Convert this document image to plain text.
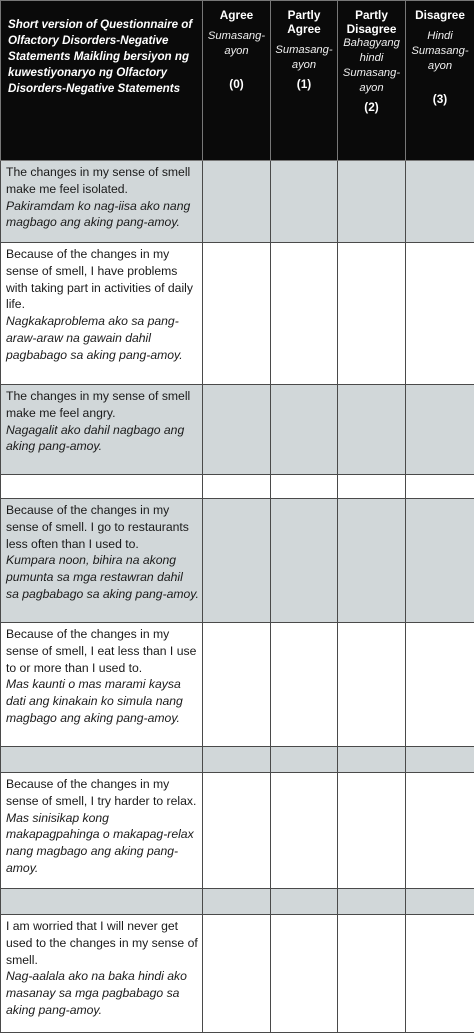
Short version of Questionnaire of Olfactory Disorders-Negative Statements Maikling bersiyon ng kuwestiyonaryo ng Olfactory Disorders-Negative Statements	Agree
Sumasang-ayon
(0)	Partly Agree
Sumasang-ayon
(1)	Partly Disagree
Bahagyang hindi Sumasang-ayon
(2)	Disagree
Hindi Sumasang-ayon
(3)

The changes in my sense of smell make me feel isolated.
Pakiramdam ko nag-iisa ako nang magbago ang aking pang-amoy.				

Because of the changes in my sense of smell, I have problems with taking part in activities of daily life.
Nagkakaproblema ako sa pang-araw-araw na gawain dahil pagbabago sa aking pang-amoy.				

The changes in my sense of smell make me feel angry.
Nagagalit ako dahil nagbago ang aking pang-amoy.				

Because of the changes in my sense of smell. I go to restaurants less often than I used to.
Kumpara noon, bihira na akong pumunta sa mga restawran dahil sa pagbabago sa aking pang-amoy.				

Because of the changes in my sense of smell, I eat less than I use to or more than I used to.
Mas kaunti o mas marami kaysa dati ang kinakain ko simula nang magbago ang aking pang-amoy.				

Because of the changes in my sense of smell, I try harder to relax.
Mas sinisikap kong makapagpahinga o makapag-relax nang magbago ang aking pang-amoy.				

I am worried that I will never get used to the changes in my sense of smell.
Nag-aalala ako na baka hindi ako masanay sa mga pagbabago sa aking pang-amoy.				
